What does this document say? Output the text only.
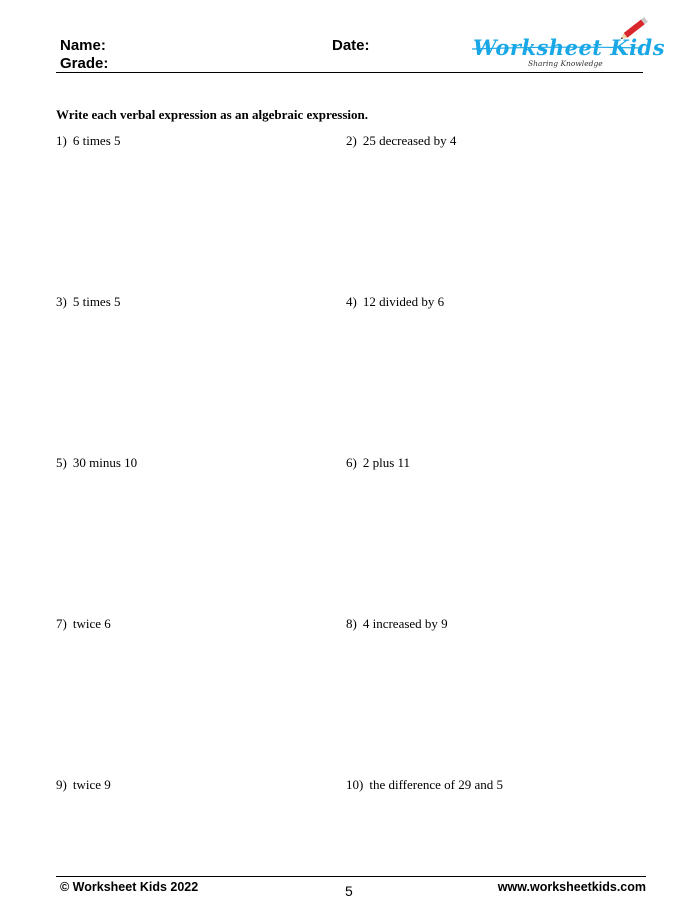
Name:
Grade:
Date:	Worksheet Kids
Sharing Knowledge
Write each verbal expression as an algebraic expression.
1) 6 times 5	2) 25 decreased by 4
3) 5 times 5	4) 12 divided by 6
5) 30 minus 10	6) 2 plus 11
7) twice 6	8) 4 increased by 9
9) twice 9	10) the difference of 29 and 5
© Worksheet Kids 2022	5	www.worksheetkids.com
